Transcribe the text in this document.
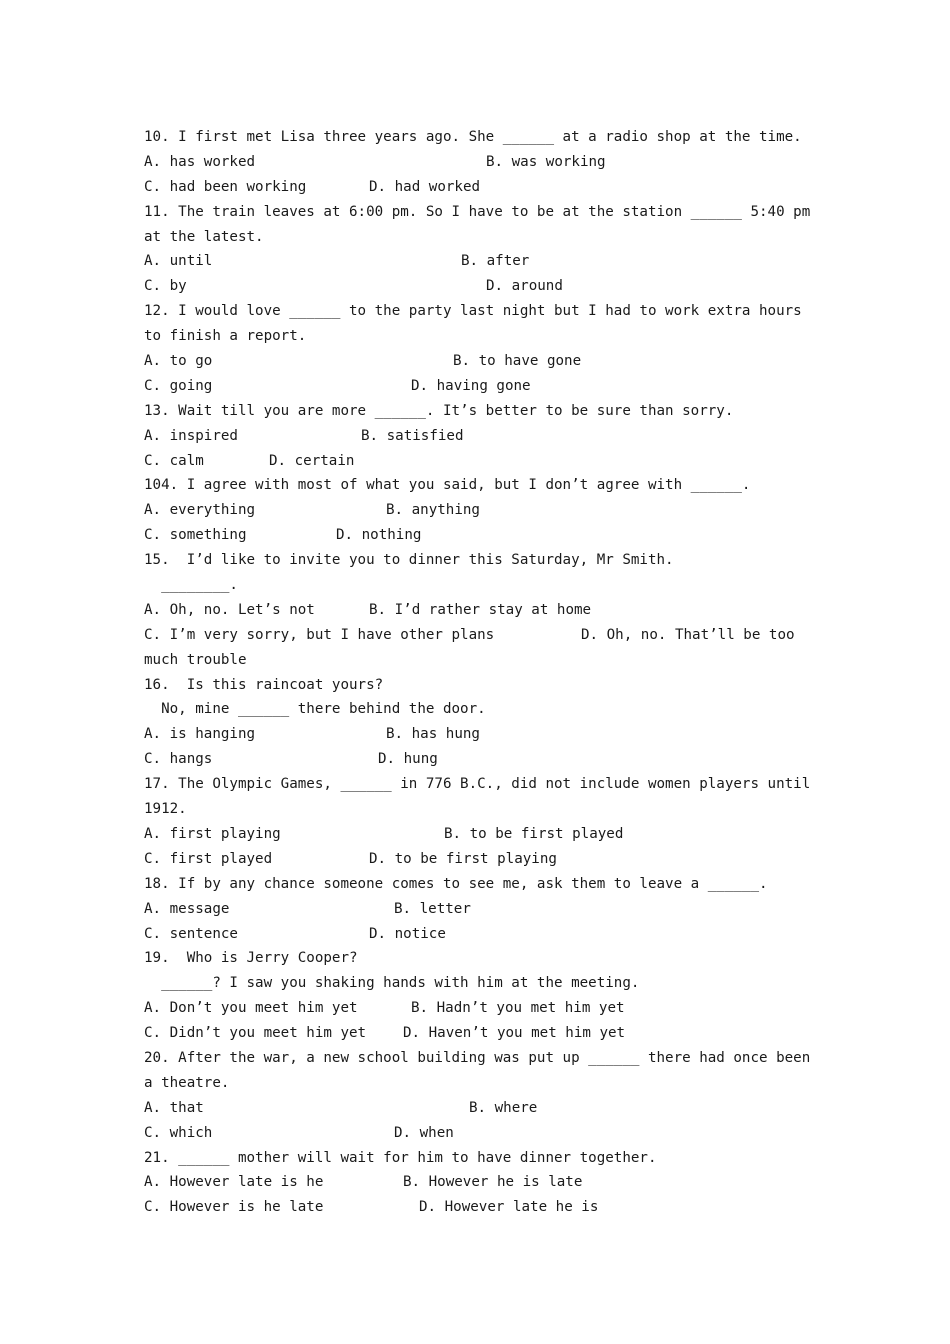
10. I first met Lisa three years ago. She ______ at a radio shop at the time.

A. has worked

	B. was working

C. had been working

	D. had worked

11. The train leaves at 6:00 pm. So I have to be at the station ______ 5:40 pm
at the latest.

A. until

	B. after

C. by

	D. around

12. I would love ______ to the party last night but I had to work extra hours
to finish a report.

A. to go

	B. to have gone

C. going

	D. having gone

13. Wait till you are more ______. It’s better to be sure than sorry.

A. inspired

	B. satisfied

C. calm

	D. certain

104. I agree with most of what you said, but I don’t agree with ______.

A. everything

	B. anything

C. something

	D. nothing

15.  I’d like to invite you to dinner this Saturday, Mr Smith.
________.

A. Oh, no. Let’s not

	B. I’d rather stay at home

C. I’m very sorry, but I have other plans

	D. Oh, no. That’ll be too

much trouble
16.  Is this raincoat yours?
No, mine ______ there behind the door.

A. is hanging

	B. has hung

C. hangs

	D. hung

17. The Olympic Games, ______ in 776 B.C., did not include women players until
1912.

A. first playing

	B. to be first played

C. first played

	D. to be first playing

18. If by any chance someone comes to see me, ask them to leave a ______.

A. message

	B. letter

C. sentence

	D. notice

19.  Who is Jerry Cooper?
______? I saw you shaking hands with him at the meeting.

A. Don’t you meet him yet

	B. Hadn’t you met him yet

C. Didn’t you meet him yet

	D. Haven’t you met him yet

20. After the war, a new school building was put up ______ there had once been
a theatre.

A. that

	B. where

C. which

	D. when

21. ______ mother will wait for him to have dinner together.

A. However late is he

	B. However he is late

C. However is he late

	D. However late he is
